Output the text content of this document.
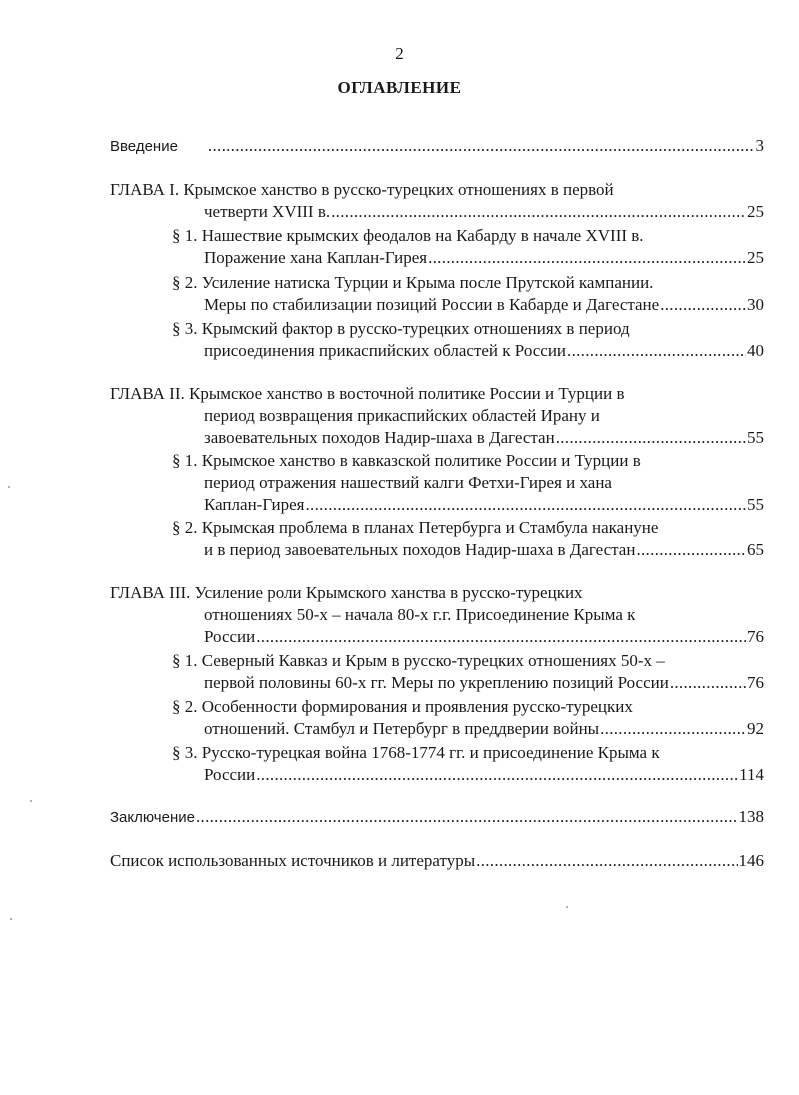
2
ОГЛАВЛЕНИЕ
Введение .....	3
ГЛАВА I. Крымское ханство в русско-турецких отношениях в первой
четверти XVIII в. .....	25
§ 1. Нашествие крымских феодалов на Кабарду в начале XVIII в.
Поражение хана Каплан-Гирея .....	25
§ 2. Усиление натиска Турции и Крыма после Прутской кампании.
Меры по стабилизации позиций России в Кабарде и Дагестане .....	30
§ 3. Крымский фактор в русско-турецких отношениях в период
присоединения прикаспийских областей к России .....	40
ГЛАВА II. Крымское ханство в восточной политике России и Турции в
период возвращения прикаспийских областей Ирану и
завоевательных походов Надир-шаха в Дагестан .....	55
§ 1. Крымское ханство в кавказской политике России и Турции в
период отражения нашествий калги Фетхи-Гирея и хана
Каплан-Гирея .....	55
§ 2. Крымская проблема в планах Петербурга и Стамбула накануне
и в период завоевательных походов Надир-шаха в Дагестан .....	65
ГЛАВА III. Усиление роли Крымского ханства в русско-турецких
отношениях 50-х – начала 80-х г.г. Присоединение Крыма к
России .....	76
§ 1. Северный Кавказ и Крым в русско-турецких отношениях 50-х –
первой половины 60-х гг. Меры по укреплению позиций России .....	76
§ 2. Особенности формирования и проявления русско-турецких
отношений. Стамбул и Петербург в преддверии войны .....	92
§ 3. Русско-турецкая война 1768-1774 гг. и присоединение Крыма к
России .....	114
Заключение .....	138
Список использованных источников и литературы .....	146
